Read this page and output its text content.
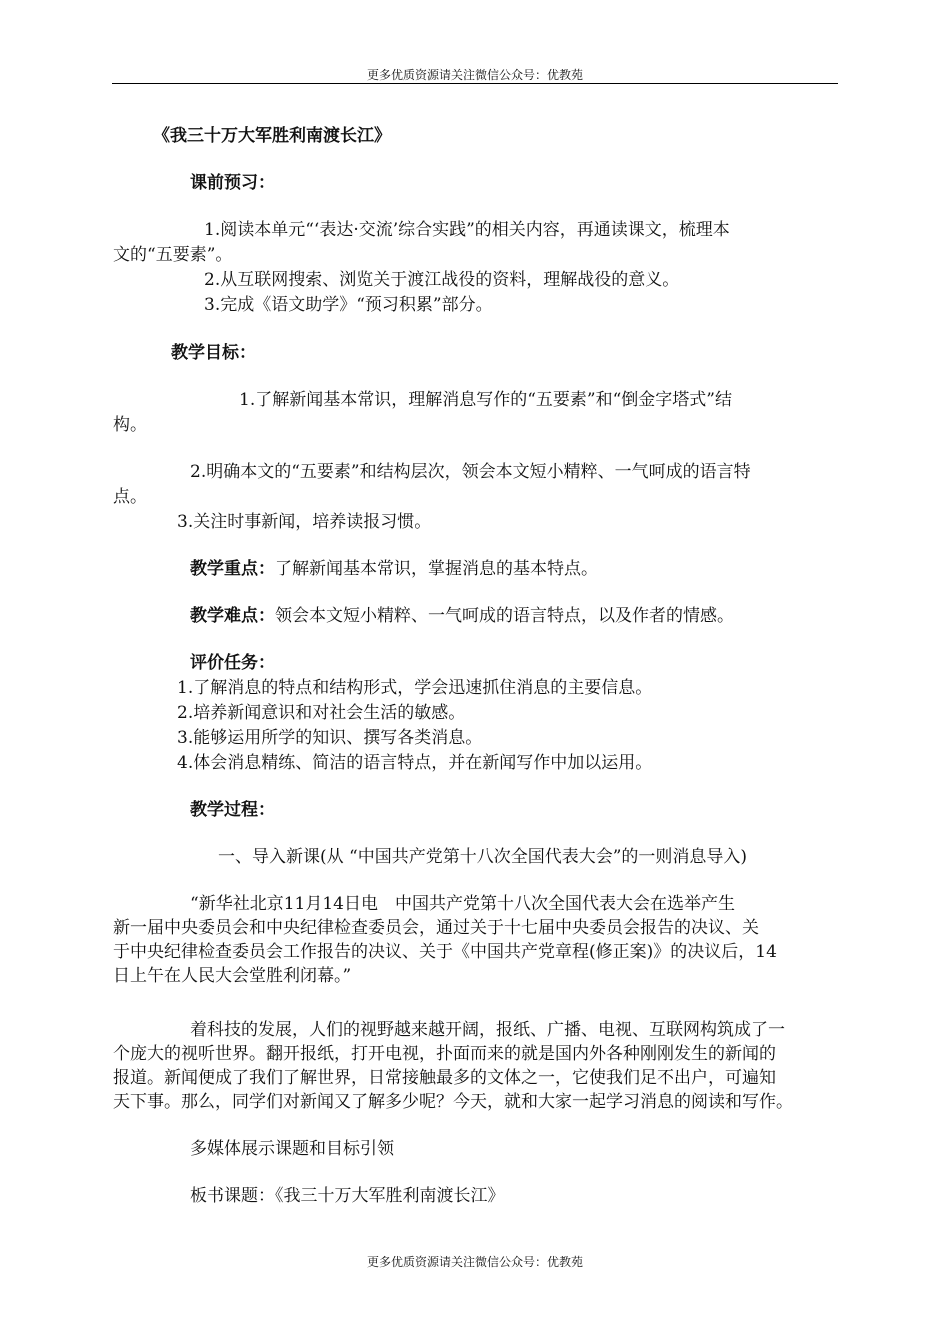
更多优质资源请关注微信公众号：优教苑
《我三十万大军胜利南渡长江》
课前预习：
1.阅读本单元“‘表达·交流’综合实践”的相关内容，再通读课文，梳理本
文的“五要素”。
2.从互联网搜索、浏览关于渡江战役的资料，理解战役的意义。
3.完成《语文助学》“预习积累”部分。
教学目标：
1.了解新闻基本常识，理解消息写作的“五要素”和“倒金字塔式”结
构。
2.明确本文的“五要素”和结构层次，领会本文短小精粹、一气呵成的语言特
点。
3.关注时事新闻，培养读报习惯。
教学重点：了解新闻基本常识，掌握消息的基本特点。
教学难点：领会本文短小精粹、一气呵成的语言特点，以及作者的情感。
评价任务：
1.了解消息的特点和结构形式，学会迅速抓住消息的主要信息。
2.培养新闻意识和对社会生活的敏感。
3.能够运用所学的知识、撰写各类消息。
4.体会消息精练、简洁的语言特点，并在新闻写作中加以运用。
教学过程：
一、导入新课(从 “中国共产党第十八次全国代表大会”的一则消息导入)
“新华社北京11月14日电　中国共产党第十八次全国代表大会在选举产生
新一届中央委员会和中央纪律检查委员会，通过关于十七届中央委员会报告的决议、关
于中央纪律检查委员会工作报告的决议、关于《中国共产党章程(修正案)》的决议后，14
日上午在人民大会堂胜利闭幕。”
着科技的发展，人们的视野越来越开阔，报纸、广播、电视、互联网构筑成了一
个庞大的视听世界。翻开报纸，打开电视，扑面而来的就是国内外各种刚刚发生的新闻的
报道。新闻便成了我们了解世界，日常接触最多的文体之一，它使我们足不出户，可遍知
天下事。那么，同学们对新闻又了解多少呢？今天，就和大家一起学习消息的阅读和写作。
多媒体展示课题和目标引领
板书课题：《我三十万大军胜利南渡长江》
更多优质资源请关注微信公众号：优教苑
